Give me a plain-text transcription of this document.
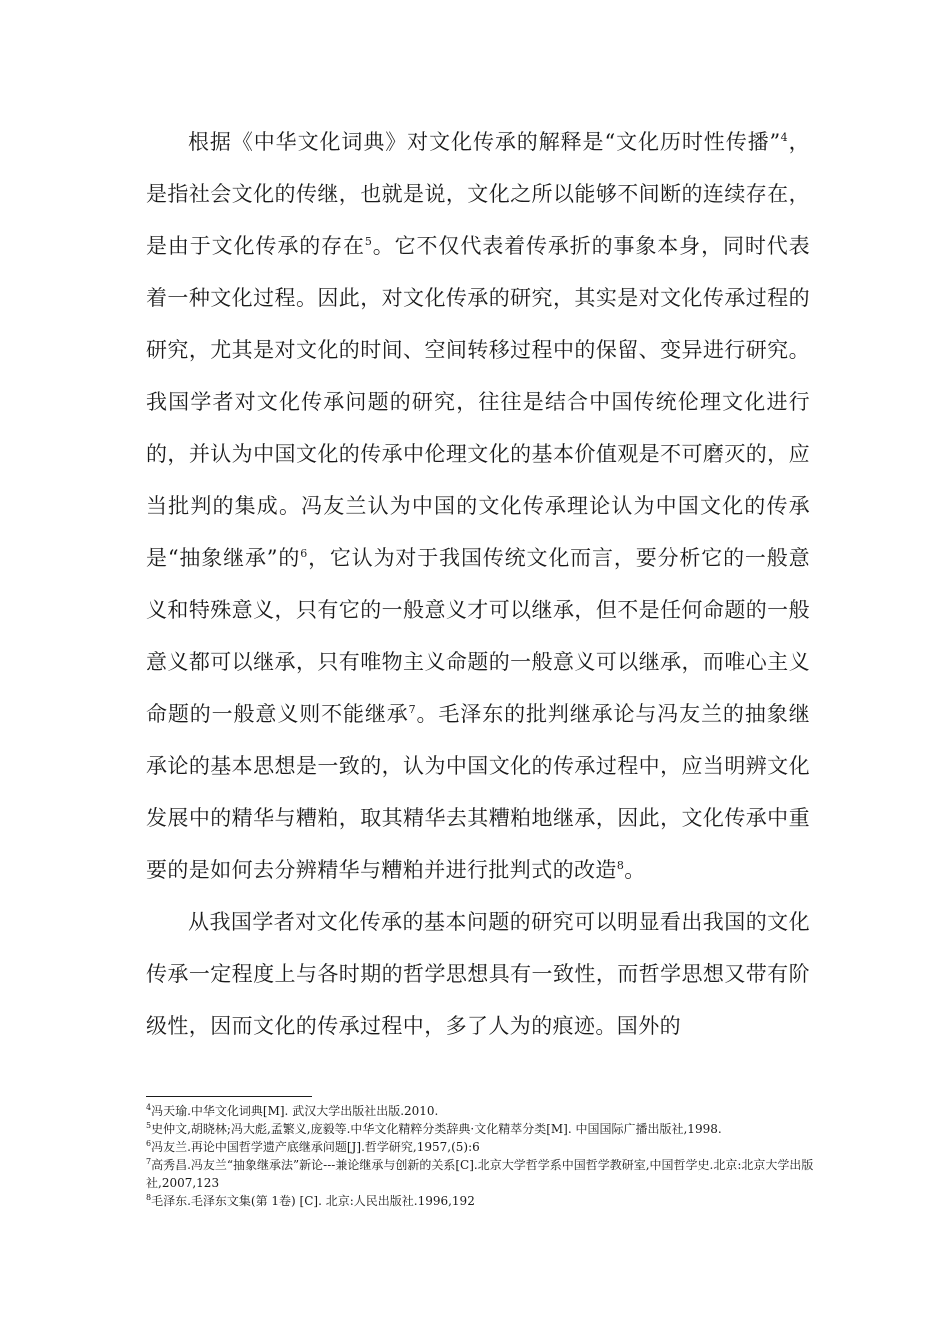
根据《中华文化词典》对文化传承的解释是“文化历时性传播”$^4$，是指社会文化的传继，也就是说，文化之所以能够不间断的连续存在，是由于文化传承的存在$^5$。它不仅代表着传承折的事象本身，同时代表着一种文化过程。因此，对文化传承的研究，其实是对文化传承过程的研究，尤其是对文化的时间、空间转移过程中的保留、变异进行研究。我国学者对文化传承问题的研究，往往是结合中国传统伦理文化进行的，并认为中国文化的传承中伦理文化的基本价值观是不可磨灭的，应当批判的集成。冯友兰认为中国的文化传承理论认为中国文化的传承是“抽象继承”的$^6$，它认为对于我国传统文化而言，要分析它的一般意义和特殊意义，只有它的一般意义才可以继承，但不是任何命题的一般意义都可以继承，只有唯物主义命题的一般意义可以继承，而唯心主义命题的一般意义则不能继承$^7$。毛泽东的批判继承论与冯友兰的抽象继承论的基本思想是一致的，认为中国文化的传承过程中，应当明辨文化发展中的精华与糟粕，取其精华去其糟粕地继承，因此，文化传承中重要的是如何去分辨精华与糟粕并进行批判式的改造$^8$。

从我国学者对文化传承的基本问题的研究可以明显看出我国的文化传承一定程度上与各时期的哲学思想具有一致性，而哲学思想又带有阶级性，因而文化的传承过程中，多了人为的痕迹。国外的

$^4$冯天瑜.中华文化词典[M]. 武汉大学出版社出版.2010.
$^5$史仲文,胡晓林;冯大彪,孟繁义,庞毅等.中华文化精粹分类辞典·文化精萃分类[M]. 中国国际广播出版社,1998.
$^6$冯友兰.再论中国哲学遗产底继承问题[J].哲学研究,1957,(5):6
$^7$高秀昌.冯友兰“抽象继承法”新论---兼论继承与创新的关系[C].北京大学哲学系中国哲学教研室,中国哲学史.北京:北京大学出版社,2007,123
$^8$毛泽东.毛泽东文集(第 1卷) [C]. 北京:人民出版社.1996,192
